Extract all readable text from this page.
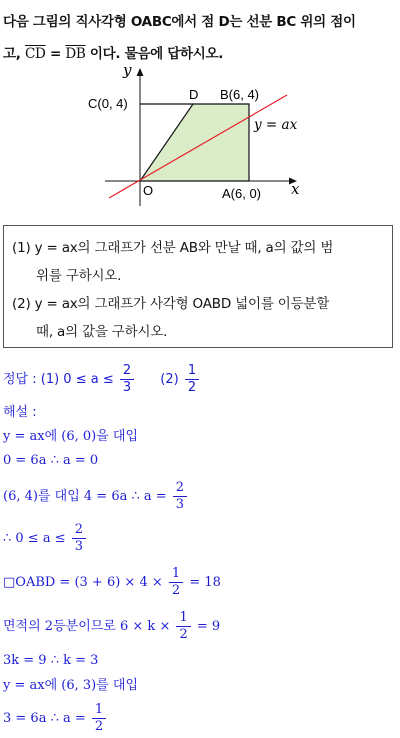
다음 그림의 직사각형 OABC에서 점 D는 선분 BC 위의 점이
고, $\overline{CD} = \overline{DB}$ 이다. 물음에 답하시오.
y
x
C(0, 4)
D B(6, 4)
y = ax
O	A(6, 0)
(1) y = ax의 그래프가 선분 AB와 만날 때, a의 값의 범
위를 구하시오.
(2) y = ax의 그래프가 사각형 OABD 넓이를 이등분할
때, a의 값을 구하시오.
정답 : (1) $0 \le a \le \frac{2}{3} (2) \frac{1}{2}$
해설 :
y = ax에 (6, 0)을 대입
0 = 6a ∴ a = 0
(6, 4)를 대입 4 = 6a ∴ $a = \frac{2}{3}$
∴ $0 \le a \le \frac{2}{3}$
□OABD = $(3 + 6) \times 4 \times \frac{1}{2} = 18$
면적의 2등분이므로 $6 \times k \times \frac{1}{2} = 9$
3k = 9 ∴ k = 3
y = ax에 (6, 3)를 대입
3 = 6a ∴ $a = \frac{1}{2}$
